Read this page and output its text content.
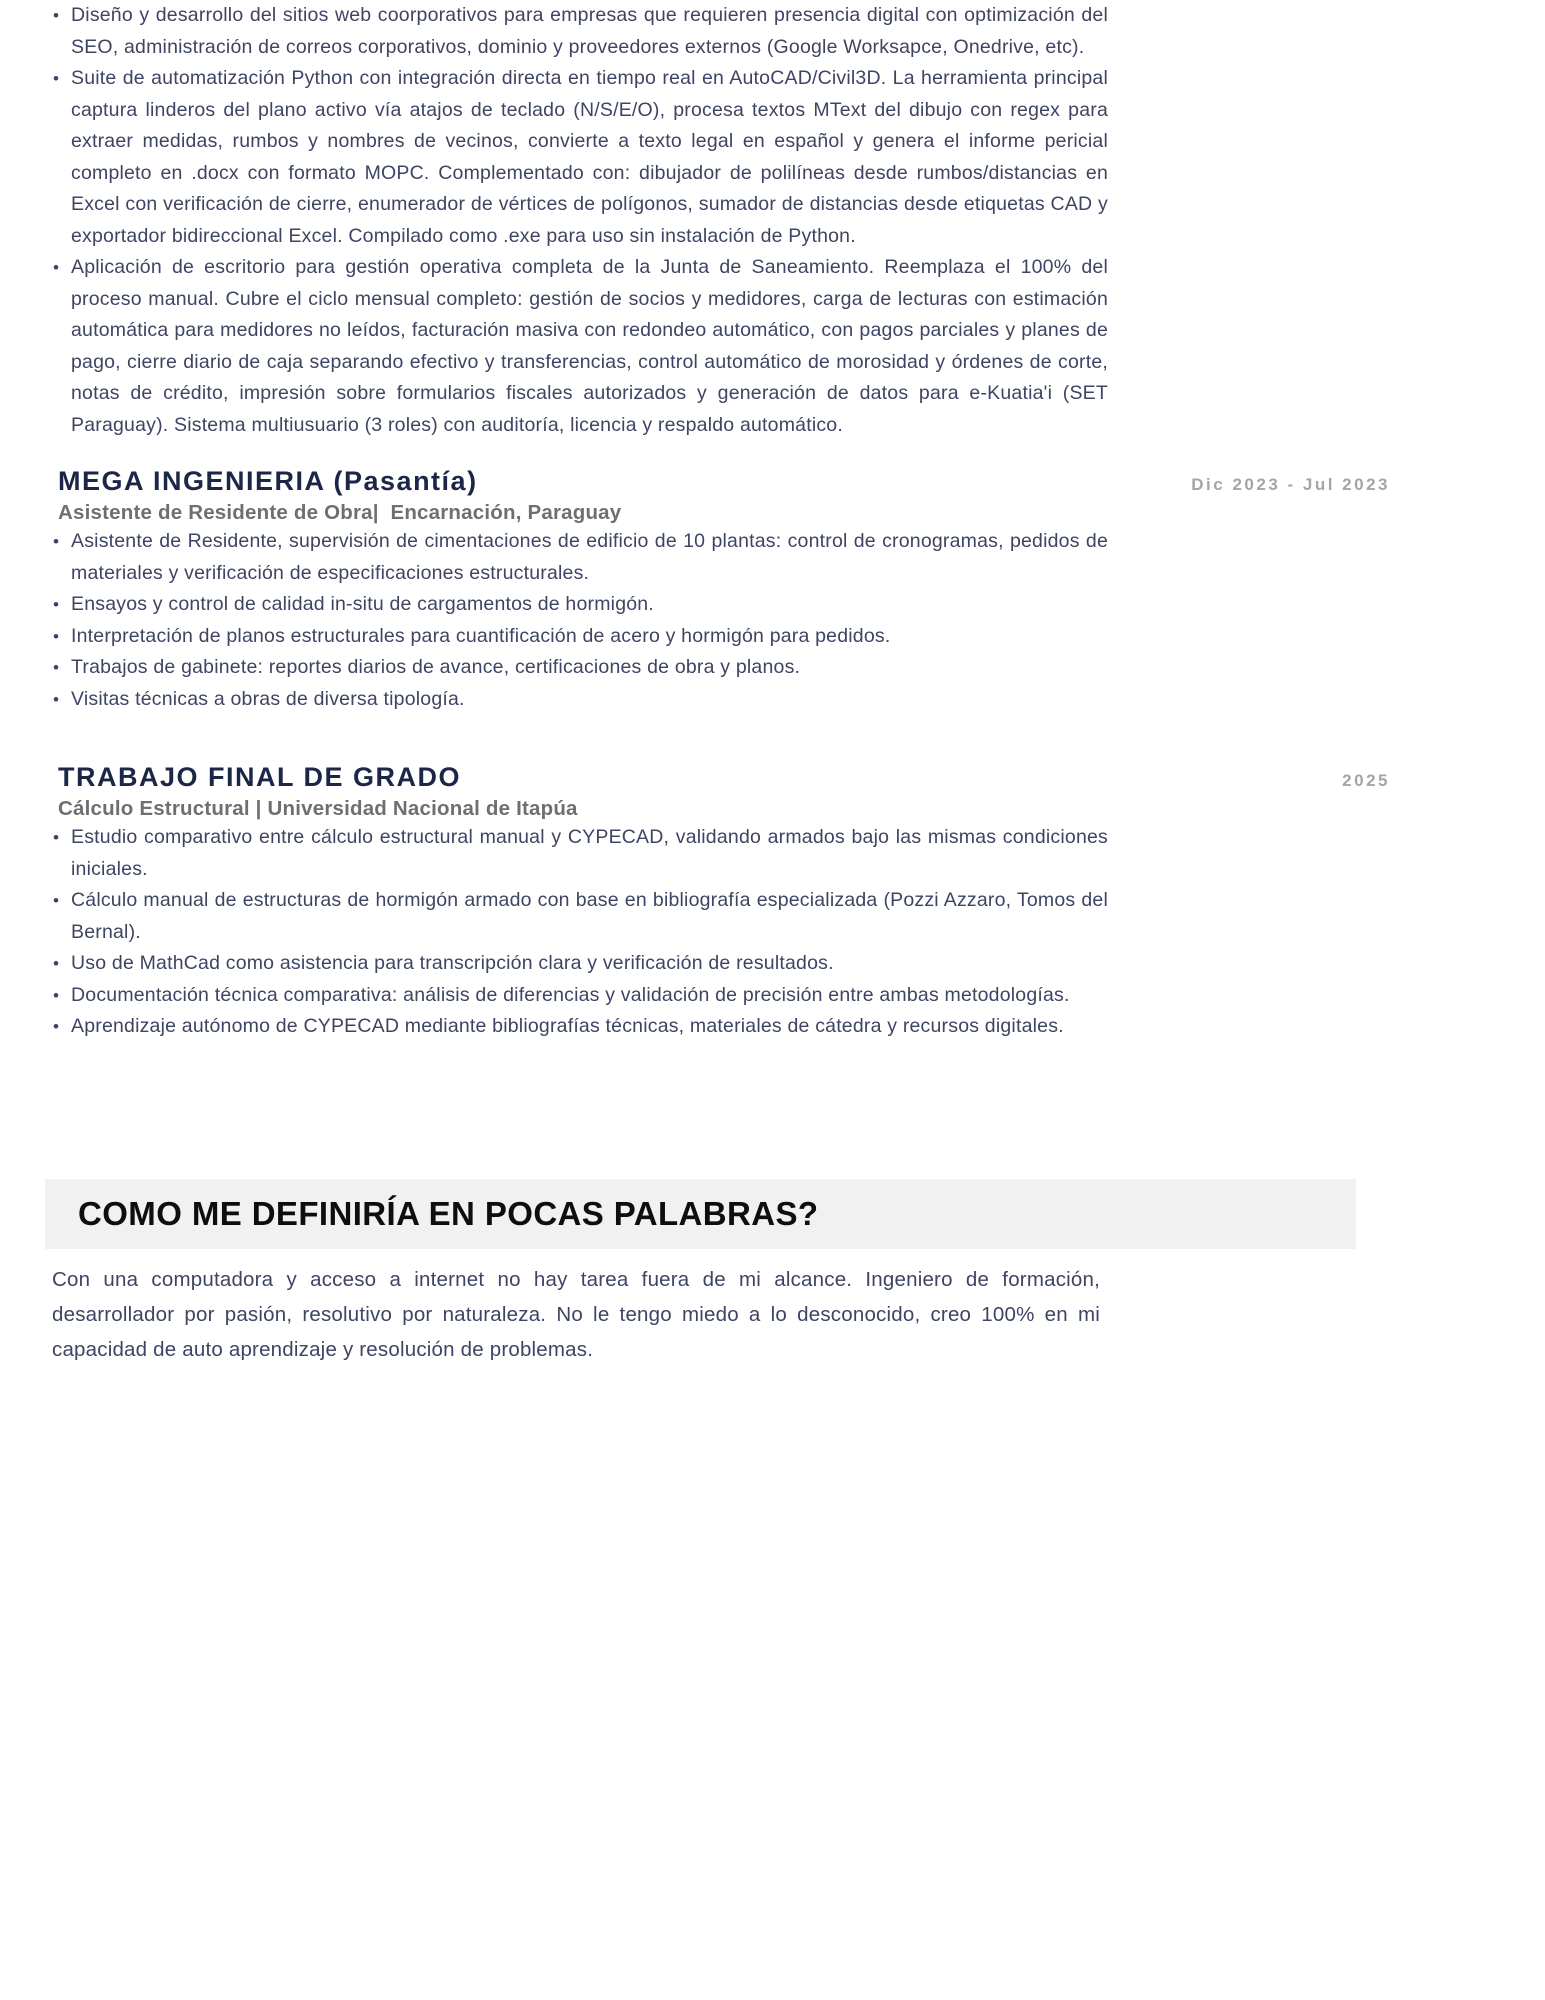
• Diseño y desarrollo del sitios web coorporativos para empresas que requieren presencia digital con optimización del SEO, administración de correos corporativos, dominio y proveedores externos (Google Worksapce, Onedrive, etc).
• Suite de automatización Python con integración directa en tiempo real en AutoCAD/Civil3D. La herramienta principal captura linderos del plano activo vía atajos de teclado (N/S/E/O), procesa textos MText del dibujo con regex para extraer medidas, rumbos y nombres de vecinos, convierte a texto legal en español y genera el informe pericial completo en .docx con formato MOPC. Complementado con: dibujador de polilíneas desde rumbos/distancias en Excel con verificación de cierre, enumerador de vértices de polígonos, sumador de distancias desde etiquetas CAD y exportador bidireccional Excel. Compilado como .exe para uso sin instalación de Python.
• Aplicación de escritorio para gestión operativa completa de la Junta de Saneamiento. Reemplaza el 100% del proceso manual. Cubre el ciclo mensual completo: gestión de socios y medidores, carga de lecturas con estimación automática para medidores no leídos, facturación masiva con redondeo automático, con pagos parciales y planes de pago, cierre diario de caja separando efectivo y transferencias, control automático de morosidad y órdenes de corte, notas de crédito, impresión sobre formularios fiscales autorizados y generación de datos para e-Kuatia'i (SET Paraguay). Sistema multiusuario (3 roles) con auditoría, licencia y respaldo automático.
MEGA INGENIERIA (Pasantía)
Asistente de Residente de Obra|  Encarnación, Paraguay
• Asistente de Residente, supervisión de cimentaciones de edificio de 10 plantas: control de cronogramas, pedidos de materiales y verificación de especificaciones estructurales.
• Ensayos y control de calidad in-situ de cargamentos de hormigón.
• Interpretación de planos estructurales para cuantificación de acero y hormigón para pedidos.
• Trabajos de gabinete: reportes diarios de avance, certificaciones de obra y planos.
• Visitas técnicas a obras de diversa tipología.
Dic 2023 - Jul 2023
TRABAJO FINAL DE GRADO
Cálculo Estructural | Universidad Nacional de Itapúa
• Estudio comparativo entre cálculo estructural manual y CYPECAD, validando armados bajo las mismas condiciones iniciales.
• Cálculo manual de estructuras de hormigón armado con base en bibliografía especializada (Pozzi Azzaro, Tomos del Bernal).
• Uso de MathCad como asistencia para transcripción clara y verificación de resultados.
• Documentación técnica comparativa: análisis de diferencias y validación de precisión entre ambas metodologías.
• Aprendizaje autónomo de CYPECAD mediante bibliografías técnicas, materiales de cátedra y recursos digitales.
2025
COMO ME DEFINIRÍA EN POCAS PALABRAS?

Con una computadora y acceso a internet no hay tarea fuera de mi alcance. Ingeniero de formación, desarrollador por pasión, resolutivo por naturaleza. No le tengo miedo a lo desconocido, creo 100% en mi capacidad de auto aprendizaje y resolución de problemas.
